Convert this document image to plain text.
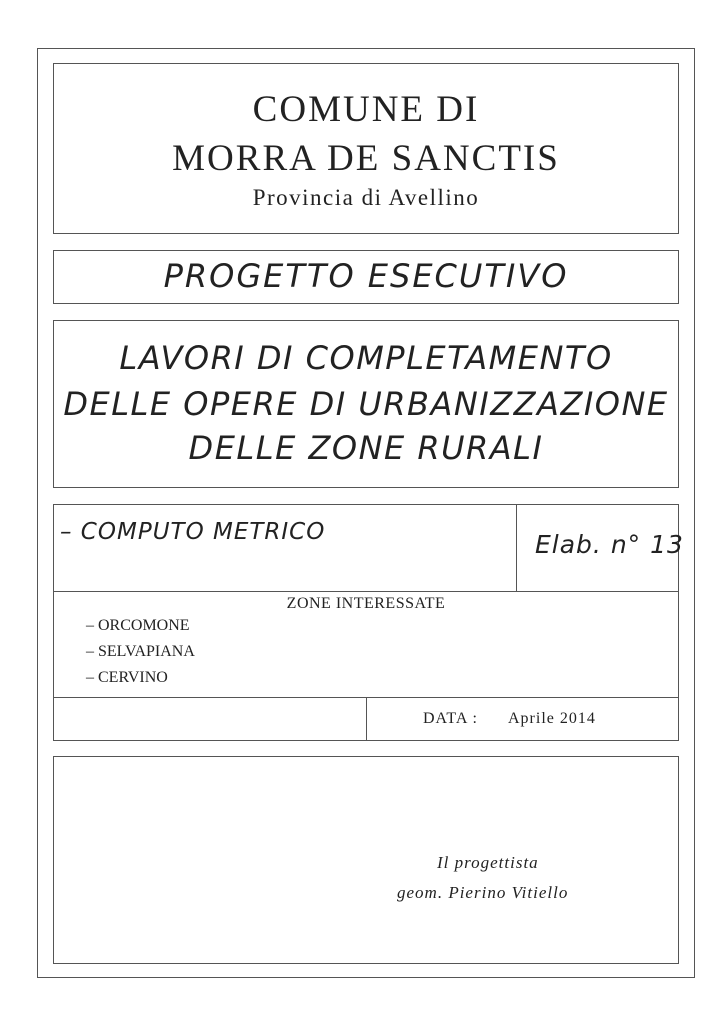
COMUNE DI
MORRA DE SANCTIS
Provincia di Avellino
PROGETTO ESECUTIVO
LAVORI DI COMPLETAMENTO
DELLE OPERE DI URBANIZZAZIONE
DELLE ZONE RURALI
– COMPUTO METRICO	Elab. n° 13
ZONE INTERESSATE
– ORCOMONE
– SELVAPIANA
– CERVINO
DATA : Aprile 2014
Il progettista
geom. Pierino Vitiello
